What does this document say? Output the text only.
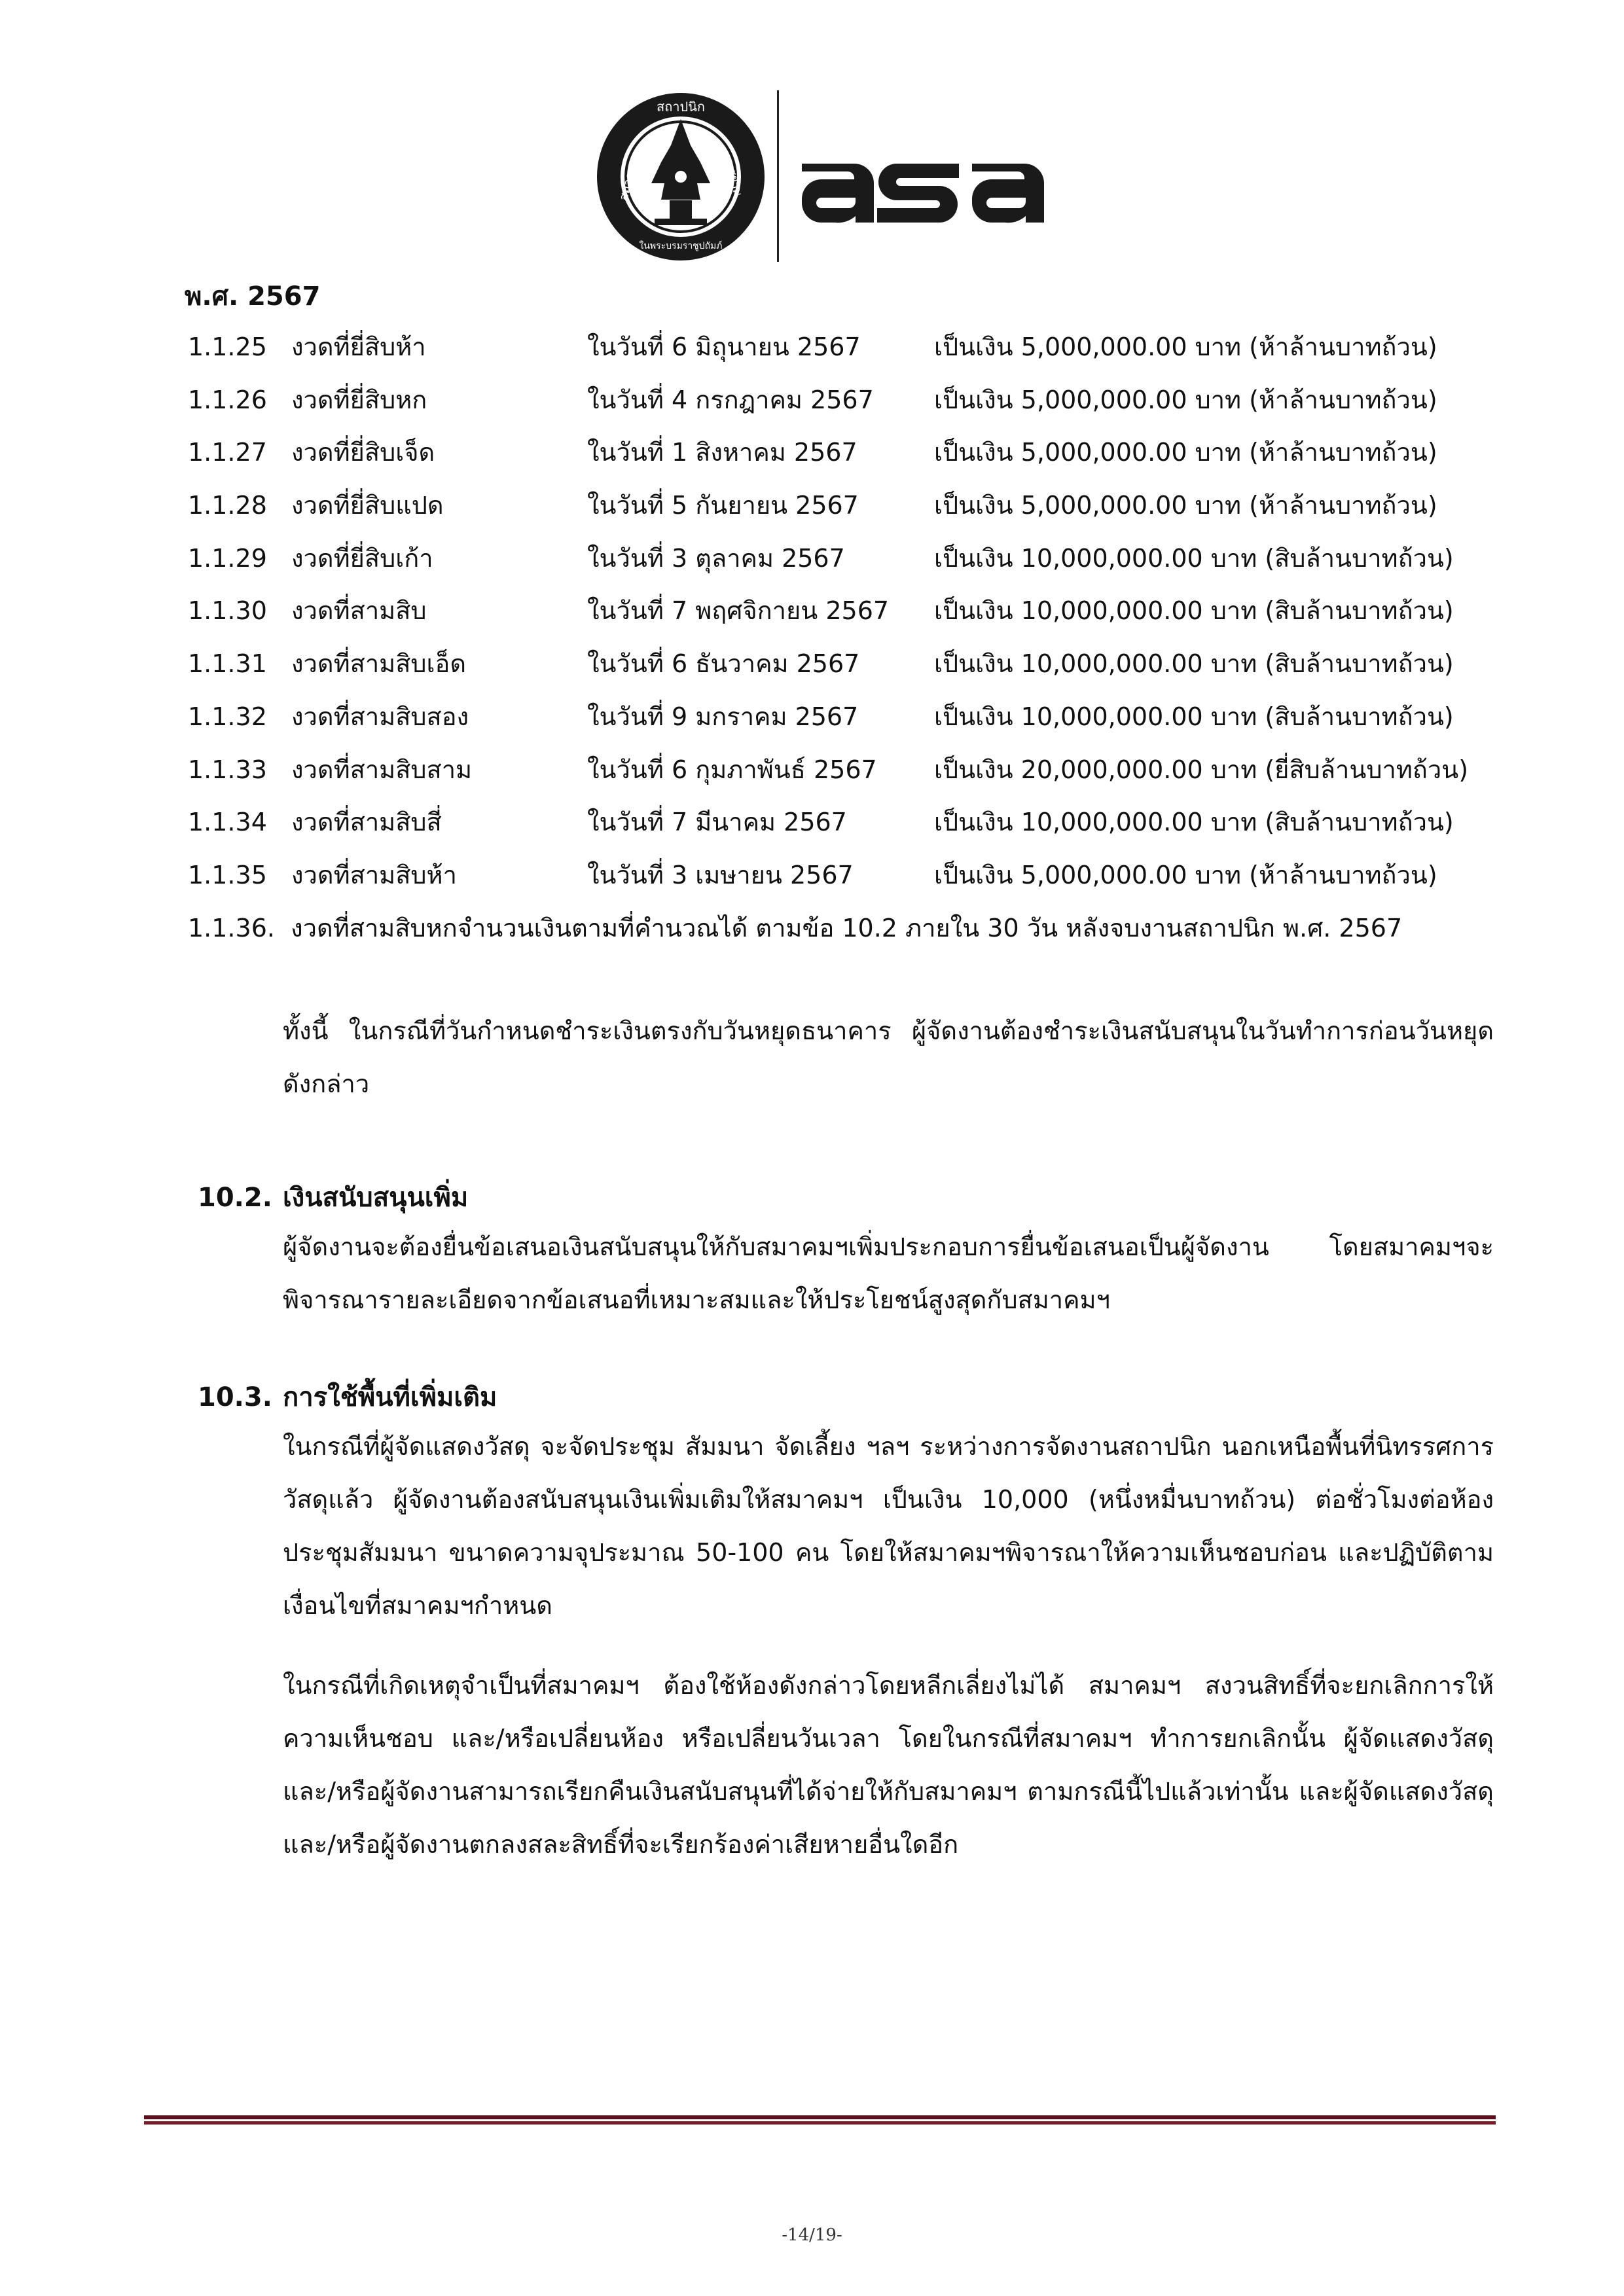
สถาปนิก
สมาคม	สยาม
ในพระบรมราชูปถัมภ์
พ.ศ. 2567
1.1.25 งวดที่ยี่สิบห้า	ในวันที่ 6 มิถุนายน 2567	เป็นเงิน 5,000,000.00 บาท (ห้าล้านบาทถ้วน)
1.1.26 งวดที่ยี่สิบหก	ในวันที่ 4 กรกฎาคม 2567 เป็นเงิน 5,000,000.00 บาท (ห้าล้านบาทถ้วน)
1.1.27 งวดที่ยี่สิบเจ็ด	ในวันที่ 1 สิงหาคม 2567	เป็นเงิน 5,000,000.00 บาท (ห้าล้านบาทถ้วน)
1.1.28 งวดที่ยี่สิบแปด	ในวันที่ 5 กันยายน 2567	เป็นเงิน 5,000,000.00 บาท (ห้าล้านบาทถ้วน)
1.1.29 งวดที่ยี่สิบเก้า	ในวันที่ 3 ตุลาคม 2567	เป็นเงิน 10,000,000.00 บาท (สิบล้านบาทถ้วน)
1.1.30 งวดที่สามสิบ	ในวันที่ 7 พฤศจิกายน 2567 เป็นเงิน 10,000,000.00 บาท (สิบล้านบาทถ้วน)
1.1.31 งวดที่สามสิบเอ็ด	ในวันที่ 6 ธันวาคม 2567	เป็นเงิน 10,000,000.00 บาท (สิบล้านบาทถ้วน)
1.1.32 งวดที่สามสิบสอง	ในวันที่ 9 มกราคม 2567	เป็นเงิน 10,000,000.00 บาท (สิบล้านบาทถ้วน)
1.1.33 งวดที่สามสิบสาม	ในวันที่ 6 กุมภาพันธ์ 2567 เป็นเงิน 20,000,000.00 บาท (ยี่สิบล้านบาทถ้วน)
1.1.34 งวดที่สามสิบสี่	ในวันที่ 7 มีนาคม 2567	เป็นเงิน 10,000,000.00 บาท (สิบล้านบาทถ้วน)
1.1.35 งวดที่สามสิบห้า	ในวันที่ 3 เมษายน 2567	เป็นเงิน 5,000,000.00 บาท (ห้าล้านบาทถ้วน)
1.1.36. งวดที่สามสิบหกจำนวนเงินตามที่คำนวณได้ ตามข้อ 10.2 ภายใน 30 วัน หลังจบงานสถาปนิก พ.ศ. 2567
ทั้งนี้ ในกรณีที่วันกำหนดชำระเงินตรงกับวันหยุดธนาคาร ผู้จัดงานต้องชำระเงินสนับสนุนในวันทำการก่อนวันหยุดดังกล่าว
10.2. เงินสนับสนุนเพิ่ม
ผู้จัดงานจะต้องยื่นข้อเสนอเงินสนับสนุนให้กับสมาคมฯเพิ่มประกอบการยื่นข้อเสนอเป็นผู้จัดงาน โดยสมาคมฯจะพิจารณารายละเอียดจากข้อเสนอที่เหมาะสมและให้ประโยชน์สูงสุดกับสมาคมฯ
10.3. การใช้พื้นที่เพิ่มเติม
ในกรณีที่ผู้จัดแสดงวัสดุ จะจัดประชุม สัมมนา จัดเลี้ยง ฯลฯ ระหว่างการจัดงานสถาปนิก นอกเหนือพื้นที่นิทรรศการวัสดุแล้ว ผู้จัดงานต้องสนับสนุนเงินเพิ่มเติมให้สมาคมฯ เป็นเงิน 10,000 (หนึ่งหมื่นบาทถ้วน) ต่อชั่วโมงต่อห้องประชุมสัมมนา ขนาดความจุประมาณ 50-100 คน โดยให้สมาคมฯพิจารณาให้ความเห็นชอบก่อน และปฏิบัติตามเงื่อนไขที่สมาคมฯกำหนด
ในกรณีที่เกิดเหตุจำเป็นที่สมาคมฯ ต้องใช้ห้องดังกล่าวโดยหลีกเลี่ยงไม่ได้ สมาคมฯ สงวนสิทธิ์ที่จะยกเลิกการให้ความเห็นชอบ และ/หรือเปลี่ยนห้อง หรือเปลี่ยนวันเวลา โดยในกรณีที่สมาคมฯ ทำการยกเลิกนั้น ผู้จัดแสดงวัสดุและ/หรือผู้จัดงานสามารถเรียกคืนเงินสนับสนุนที่ได้จ่ายให้กับสมาคมฯ ตามกรณีนี้ไปแล้วเท่านั้น และผู้จัดแสดงวัสดุและ/หรือผู้จัดงานตกลงสละสิทธิ์ที่จะเรียกร้องค่าเสียหายอื่นใดอีก
-14/19-
